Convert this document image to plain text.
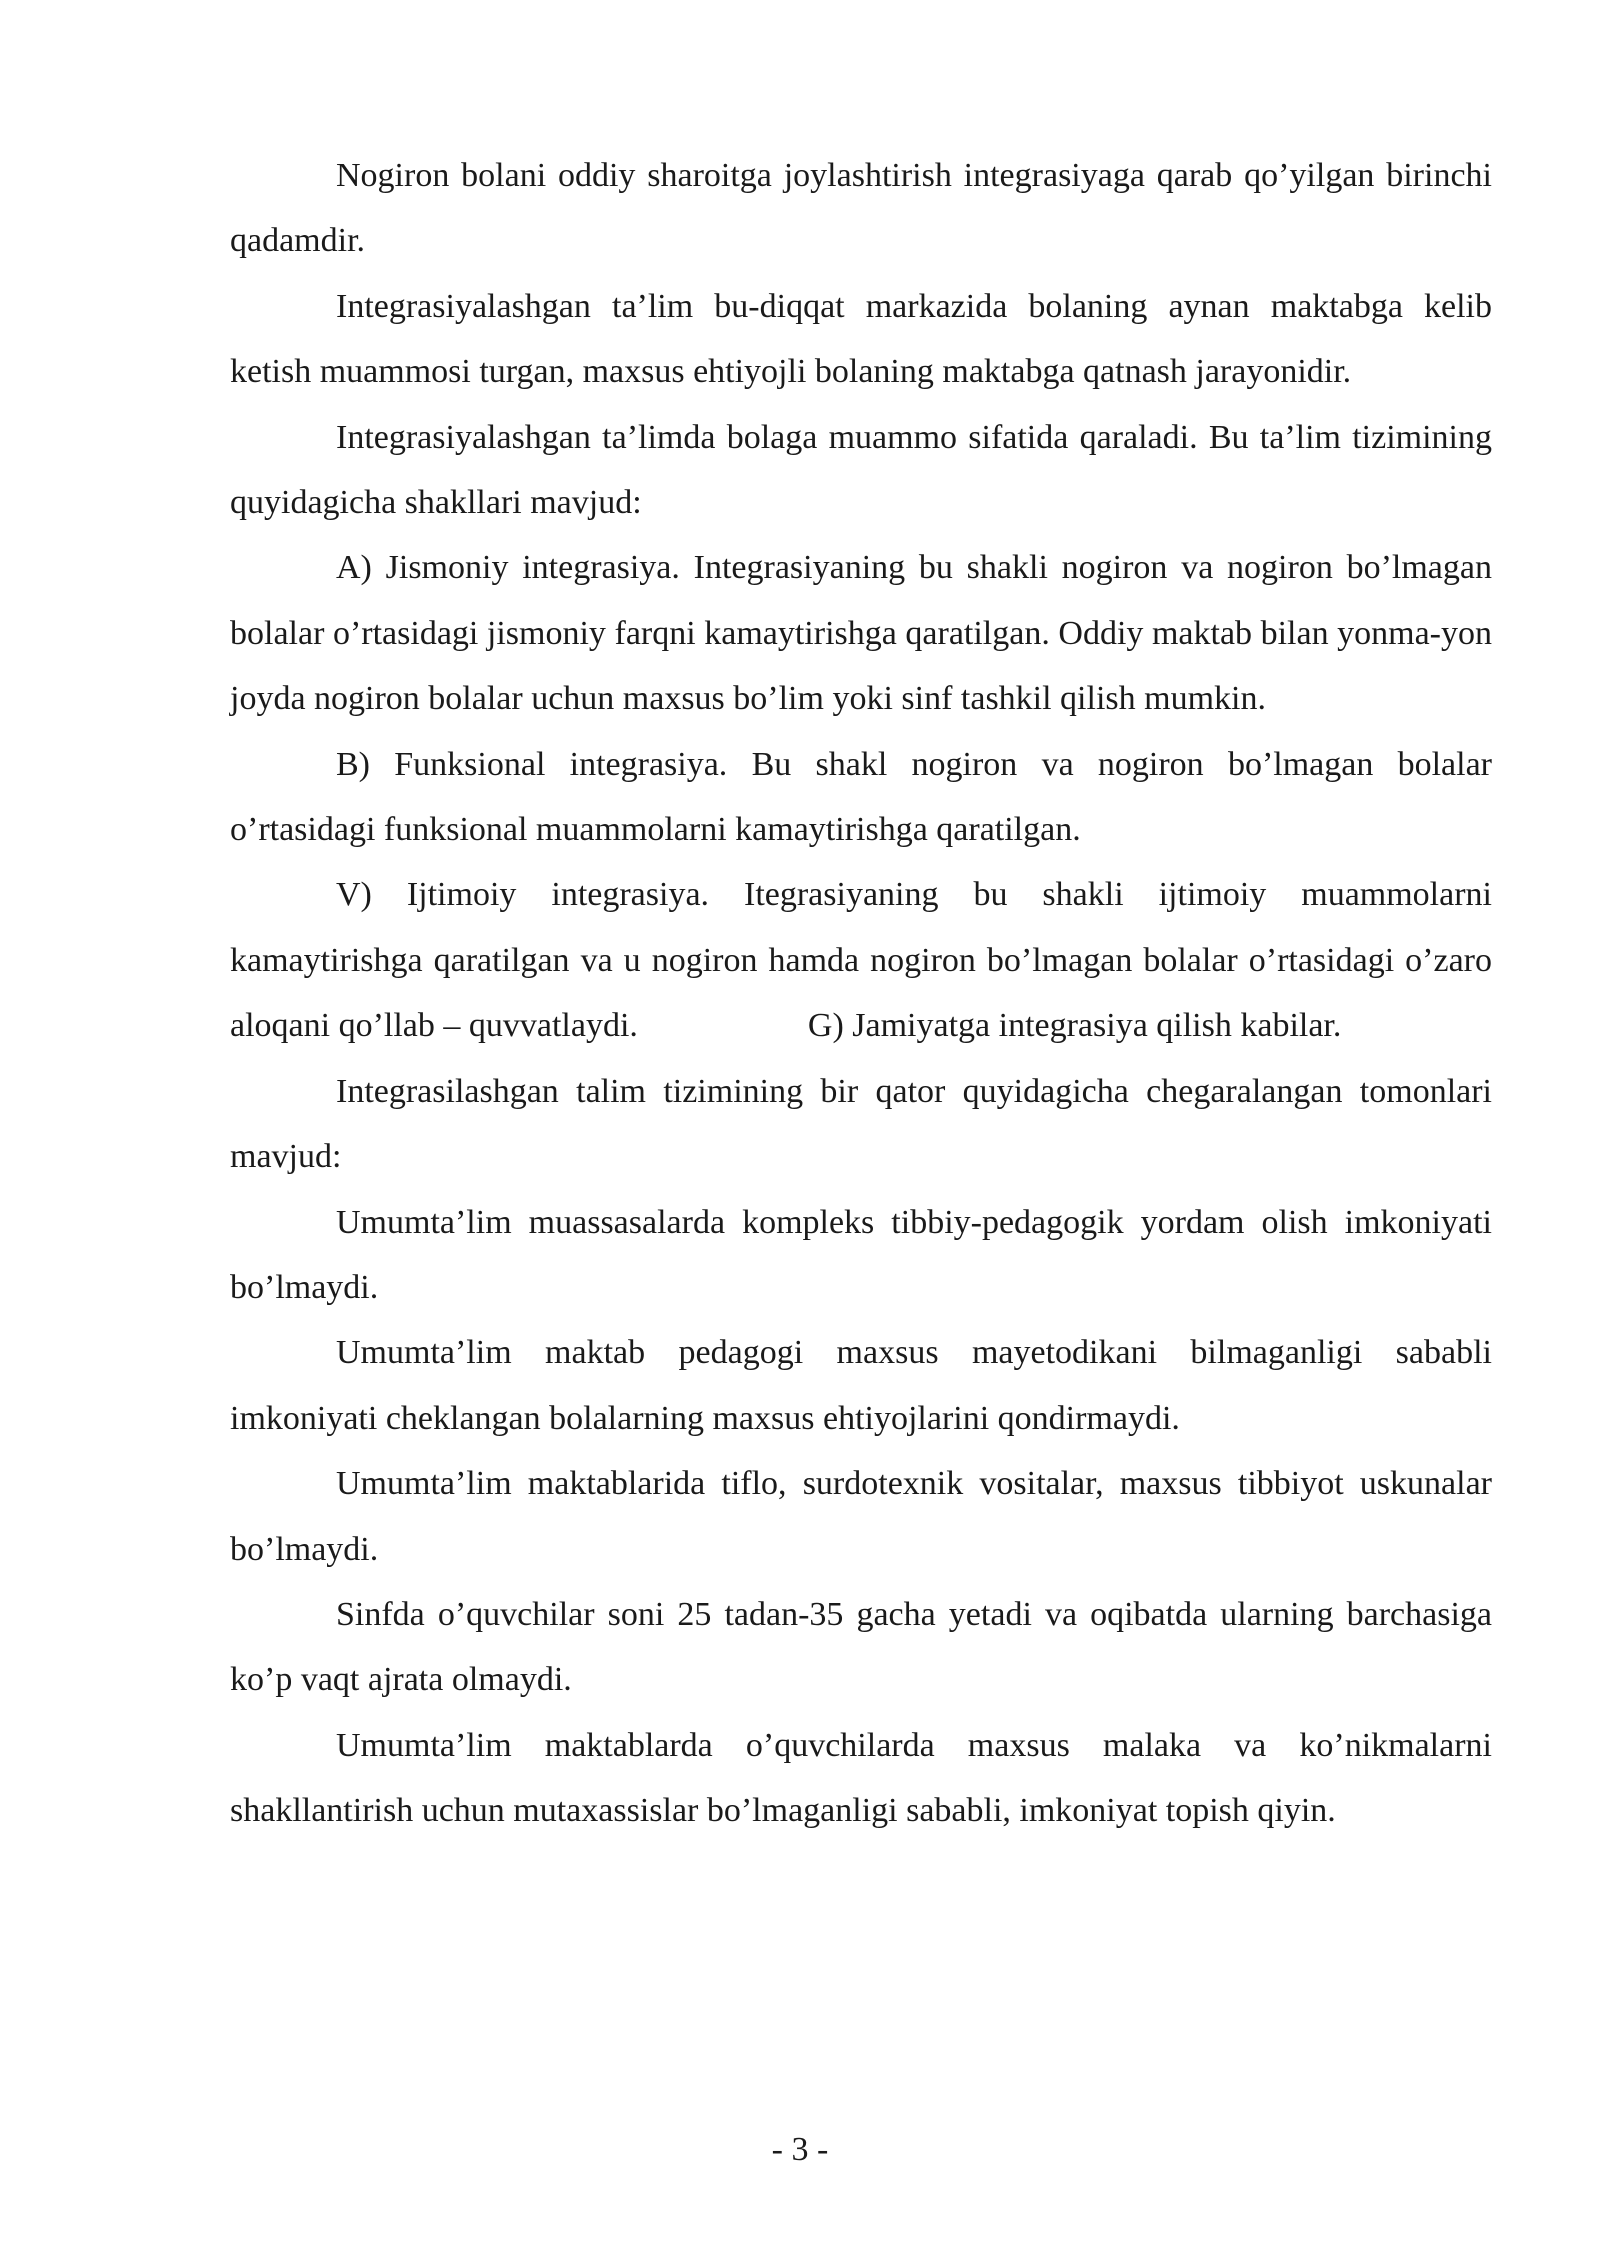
Nogiron bolani oddiy sharoitga joylashtirish integrasiyaga qarab qo’yilgan birinchi qadamdir.

Integrasiyalashgan ta’lim bu-diqqat markazida bolaning aynan maktabga kelib ketish muammosi turgan, maxsus ehtiyojli bolaning maktabga qatnash jarayonidir.

Integrasiyalashgan ta’limda bolaga muammo sifatida qaraladi. Bu ta’lim tizimining quyidagicha shakllari mavjud:

A) Jismoniy integrasiya. Integrasiyaning bu shakli nogiron va nogiron bo’lmagan bolalar o’rtasidagi jismoniy farqni kamaytirishga qaratilgan. Oddiy maktab bilan yonma-yon joyda nogiron bolalar uchun maxsus bo’lim yoki sinf tashkil qilish mumkin.

B) Funksional integrasiya. Bu shakl nogiron va nogiron bo’lmagan bolalar o’rtasidagi funksional muammolarni kamaytirishga qaratilgan.

V) Ijtimoiy integrasiya. Itegrasiyaning bu shakli ijtimoiy muammolarni kamaytirishga qaratilgan va u nogiron hamda nogiron bo’lmagan bolalar o’rtasidagi o’zaro aloqani qo’llab – quvvatlaydi.                    G) Jamiyatga integrasiya qilish kabilar.

Integrasilashgan talim tizimining bir qator quyidagicha chegaralangan tomonlari mavjud:

Umumta’lim muassasalarda kompleks tibbiy-pedagogik yordam olish imkoniyati bo’lmaydi.

Umumta’lim maktab pedagogi maxsus mayetodikani bilmaganligi sababli imkoniyati cheklangan bolalarning maxsus ehtiyojlarini qondirmaydi.

Umumta’lim maktablarida tiflo, surdotexnik vositalar, maxsus tibbiyot uskunalar bo’lmaydi.

Sinfda o’quvchilar soni 25 tadan-35 gacha yetadi va oqibatda ularning barchasiga ko’p vaqt ajrata olmaydi.

Umumta’lim maktablarda o’quvchilarda maxsus malaka va ko’nikmalarni shakllantirish uchun mutaxassislar bo’lmaganligi sababli, imkoniyat topish qiyin.

- 3 -
